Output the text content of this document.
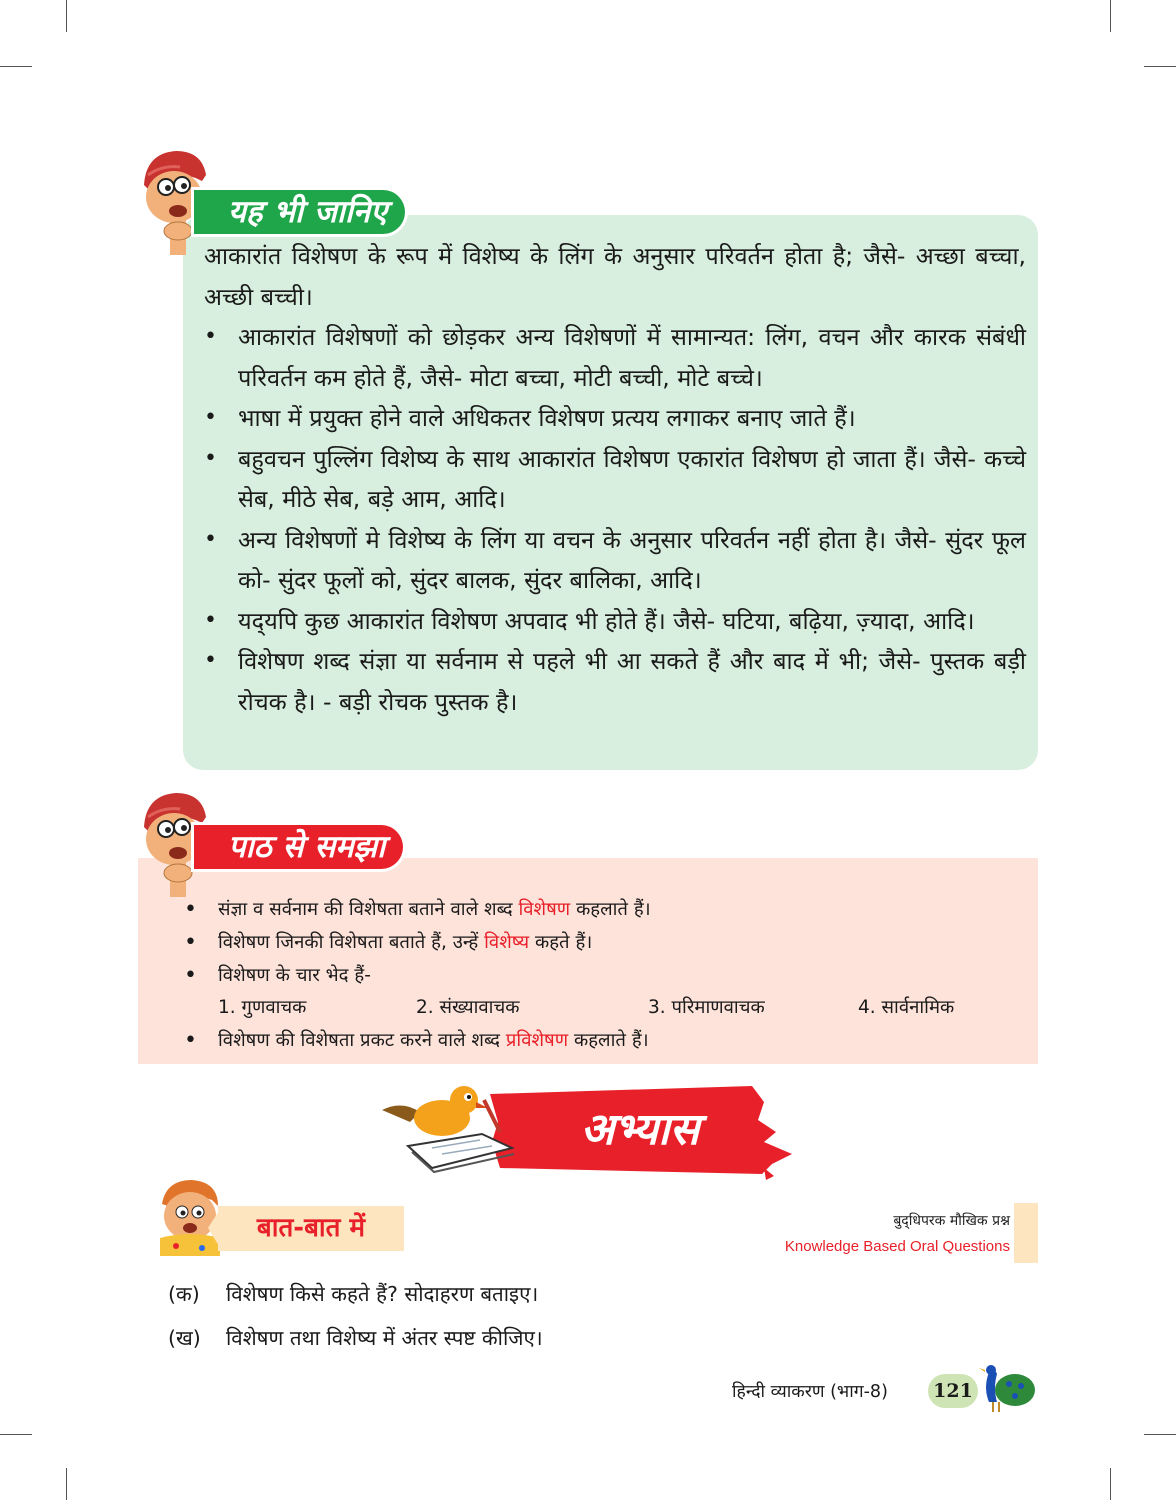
यह भी जानिए

आकारांत विशेषण के रूप में विशेष्य के लिंग के अनुसार परिवर्तन होता है; जैसे- अच्छा बच्चा, अच्छी बच्ची।

• आकारांत विशेषणों को छोड़कर अन्य विशेषणों में सामान्यत: लिंग, वचन और कारक संबंधी परिवर्तन कम होते हैं, जैसे- मोटा बच्चा, मोटी बच्ची, मोटे बच्चे।
• भाषा में प्रयुक्त होने वाले अधिकतर विशेषण प्रत्यय लगाकर बनाए जाते हैं।
• बहुवचन पुल्लिंग विशेष्य के साथ आकारांत विशेषण एकारांत विशेषण हो जाता हैं। जैसे- कच्चे सेब, मीठे सेब, बड़े आम, आदि।
• अन्य विशेषणों मे विशेष्य के लिंग या वचन के अनुसार परिवर्तन नहीं होता है। जैसे- सुंदर फूल को- सुंदर फूलों को, सुंदर बालक, सुंदर बालिका, आदि।
• यद्‌यपि कुछ आकारांत विशेषण अपवाद भी होते हैं। जैसे- घटिया, बढ़िया, ज़्यादा, आदि।
• विशेषण शब्द संज्ञा या सर्वनाम से पहले भी आ सकते हैं और बाद में भी; जैसे- पुस्तक बड़ी रोचक है। - बड़ी रोचक पुस्तक है।
पाठ से समझा
• संज्ञा व सर्वनाम की विशेषता बताने वाले शब्द विशेषण कहलाते हैं।
• विशेषण जिनकी विशेषता बताते हैं, उन्हें विशेष्य कहते हैं।
• विशेषण के चार भेद हैं-
1. गुणवाचक	2. संख्यावाचक	3. परिमाणवाचक	4. सार्वनामिक
• विशेषण की विशेषता प्रकट करने वाले शब्द प्रविशेषण कहलाते हैं।
अभ्यास
बात-बात में	बुद्‌धिपरक मौखिक प्रश्न
Knowledge Based Oral Questions
(क) विशेषण किसे कहते हैं? सोदाहरण बताइए।
(ख) विशेषण तथा विशेष्य में अंतर स्पष्ट कीजिए।
हिन्दी व्याकरण (भाग-8) 121
